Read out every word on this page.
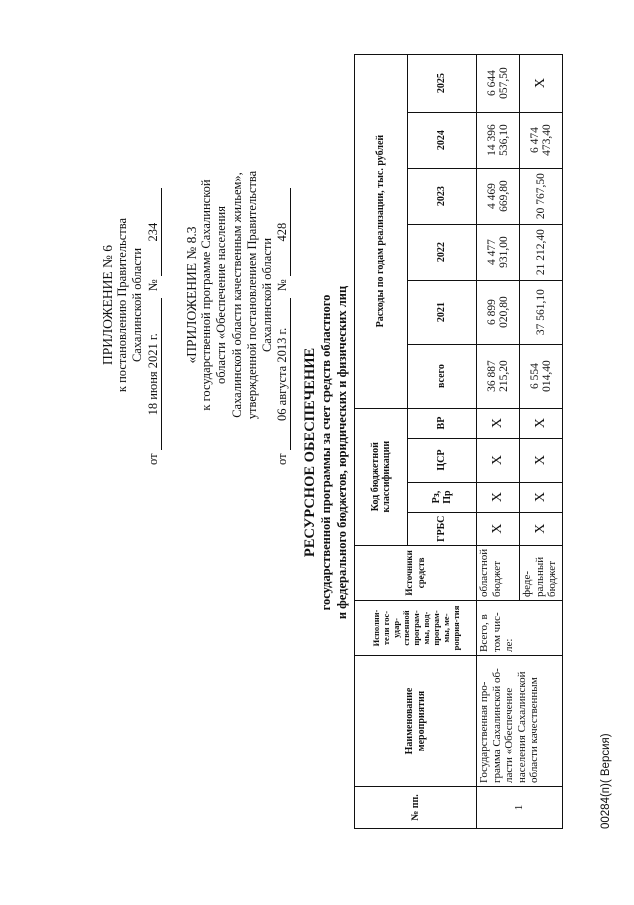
ПРИЛОЖЕНИЕ № 6 к постановлению Правительства Сахалинской области
от 18 июня 2021 г. № 234 «ПРИЛОЖЕНИЕ № 8.3 к государственной программе Сахалинской области «Обеспечение населения Сахалинской области качественным жильем», утвержденной постановлением Правительства Сахалинской области
от 06 августа 2013 г. № 428
РЕСУРСНОЕ ОБЕСПЕЧЕНИЕ государственной программы за счет средств областного и федерального бюджетов, юридических и физических лиц
№ пп.	Наименование мероприятия	Исполни-тели гос-удар-ственной програм-мы, под-програм-мы, ме-роприя-тия	Источники средств	Код бюджетной классификации				Расходы по годам реализации, тыс. рублей					
				ГРБС	Рз, Пр	ЦСР	ВР	всего	2021	2022	2023	2024	2025
1	Государственная про-грамма Сахалинской об-ласти «Обеспечение населения Сахалинской области качественным	Всего, в том чис-ле:	областной бюджет	Х	Х	Х	Х	36 887 215,20	6 899 020,80	4 477 931,00	4 469 669,80	14 396 536,10	6 644 057,50
			феде-ральный бюджет	Х	Х	Х	Х	6 554 014,40	37 561,10	21 212,40	20 767,50	6 474 473,40	Х
00284(п)( Версия)
